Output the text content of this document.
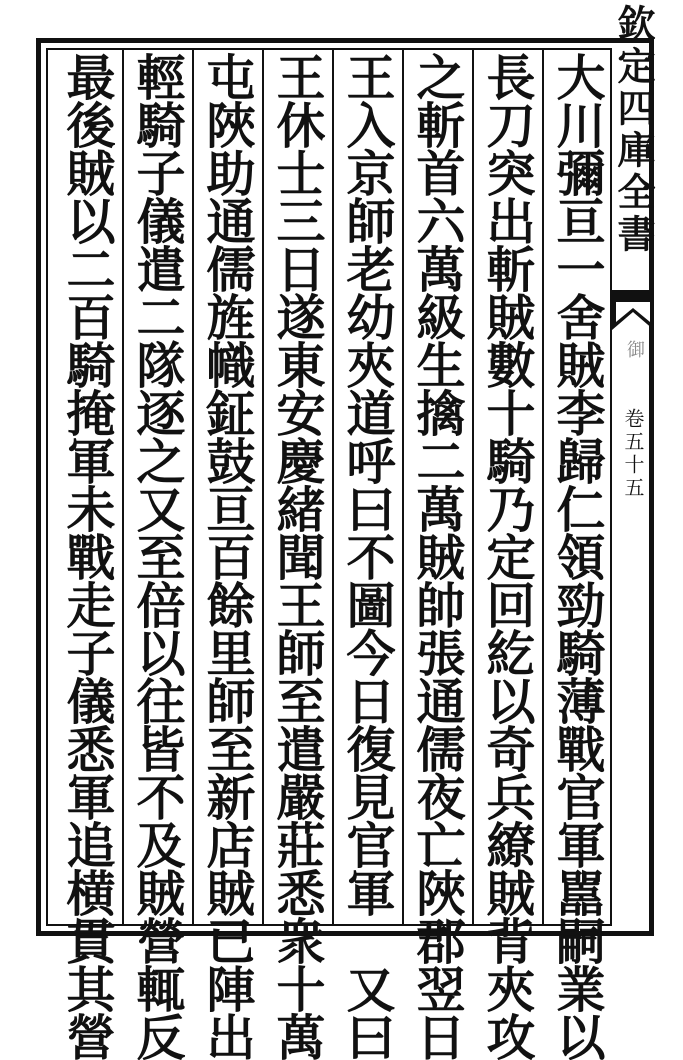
大川彌亘一舍賊李歸仁領勁騎薄戰官軍嚚嗣業以
長刀突出斬賊數十騎乃定回紇以奇兵繚賊背夾攻
之斬首六萬級生擒二萬賊帥張通儒夜亡陜郡翌日
王入京師老幼夾道呼曰不圖今日復見官軍　又曰
王休士三日遂東安慶緒聞王師至遣嚴莊悉衆十萬
屯陜助通儒旌幟鉦鼓亘百餘里師至新店賊已陣出
輕騎子儀遣二隊逐之又至倍以往皆不及賊營輒反
最後賊以二百騎掩軍未戰走子儀悉軍追横貫其營	欽定四庫全書
御
卷五十五
